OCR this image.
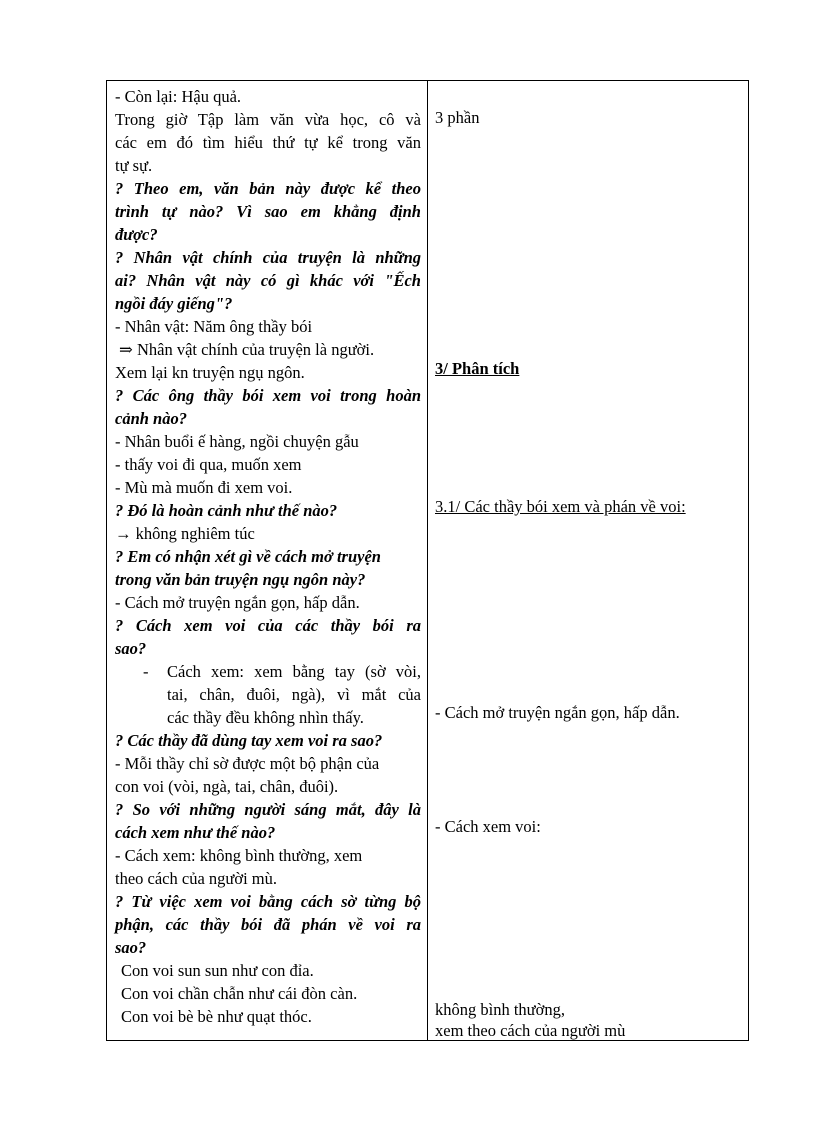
- Còn lại: Hậu quả.
Trong giờ Tập làm văn vừa học, cô và
các em đó tìm hiểu thứ tự kể trong văn
tự sự.
? Theo em, văn bản này được kể theo
trình tự nào? Vì sao em khẳng định
được?
? Nhân vật chính của truyện là những
ai? Nhân vật này có gì khác với "Ếch
ngồi đáy giếng"?
- Nhân vật: Năm ông thầy bói
⇒ Nhân vật chính của truyện là người.
Xem lại kn truyện ngụ ngôn.
? Các ông thầy bói xem voi trong hoàn
cảnh nào?
- Nhân buổi ế hàng, ngồi chuyện gẫu
- thấy voi đi qua, muốn xem
- Mù mà muốn đi xem voi.
? Đó là hoàn cảnh như thế nào?
→ không nghiêm túc
? Em có nhận xét gì về cách mở truyện
trong văn bản truyện ngụ ngôn này?
- Cách mở truyện ngắn gọn, hấp dẫn.
? Cách xem voi của các thầy bói ra
sao?
- Cách xem: xem bằng tay (sờ vòi,
tai, chân, đuôi, ngà), vì mắt của
các thầy đều không nhìn thấy.
? Các thầy đã dùng tay xem voi ra sao?
- Mỗi thầy chỉ sờ được một bộ phận của
con voi (vòi, ngà, tai, chân, đuôi).
? So với những người sáng mắt, đây là
cách xem như thế nào?
- Cách xem: không bình thường, xem
theo cách của người mù.
? Từ việc xem voi bằng cách sờ từng bộ
phận, các thầy bói đã phán về voi ra
sao?
Con voi sun sun như con đỉa.
Con voi chần chẫn như cái đòn càn.
Con voi bè bè như quạt thóc.
3 phần
3/ Phân tích
3.1/ Các thầy bói xem và phán về voi:
- Cách mở truyện ngắn gọn, hấp dẫn.
- Cách xem voi:
không bình thường,
xem theo cách của người mù
